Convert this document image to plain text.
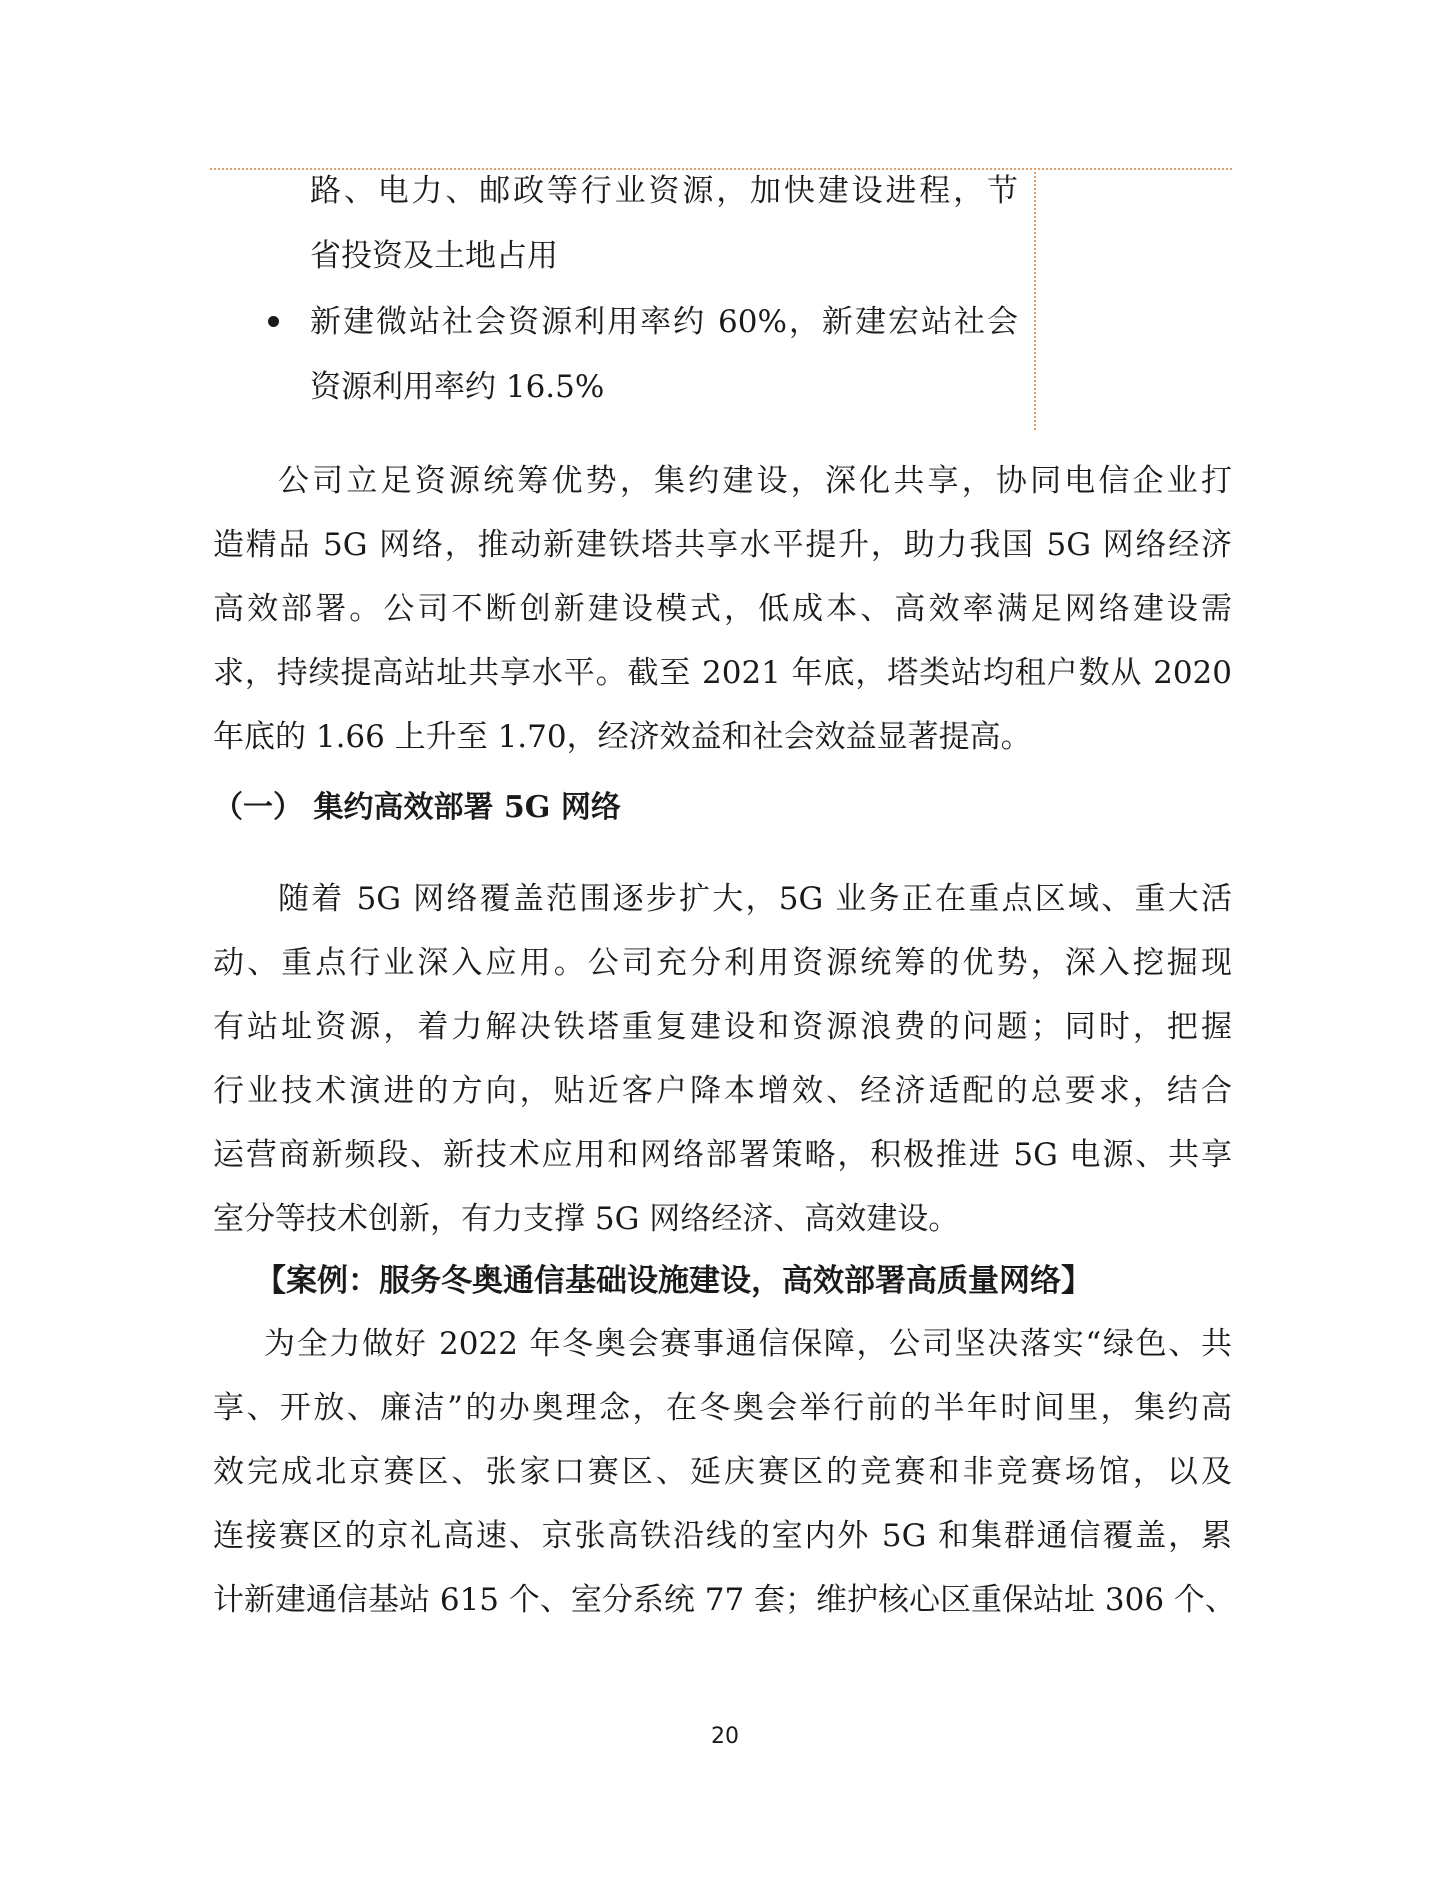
路、电力、邮政等行业资源，加快建设进程，节
省投资及土地占用
新建微站社会资源利用率约 60%，新建宏站社会
资源利用率约 16.5%
公司立足资源统筹优势，集约建设，深化共享，协同电信企业打
造精品 5G 网络，推动新建铁塔共享水平提升，助力我国 5G 网络经济
高效部署。公司不断创新建设模式，低成本、高效率满足网络建设需
求，持续提高站址共享水平。截至 2021 年底，塔类站均租户数从 2020
年底的 1.66 上升至 1.70，经济效益和社会效益显著提高。
（一） 集约高效部署 5G 网络
随着 5G 网络覆盖范围逐步扩大，5G 业务正在重点区域、重大活
动、重点行业深入应用。公司充分利用资源统筹的优势，深入挖掘现
有站址资源，着力解决铁塔重复建设和资源浪费的问题；同时，把握
行业技术演进的方向，贴近客户降本增效、经济适配的总要求，结合
运营商新频段、新技术应用和网络部署策略，积极推进 5G 电源、共享
室分等技术创新，有力支撑 5G 网络经济、高效建设。
【案例：服务冬奥通信基础设施建设，高效部署高质量网络】
为全力做好 2022 年冬奥会赛事通信保障，公司坚决落实“绿色、共
享、开放、廉洁”的办奥理念，在冬奥会举行前的半年时间里，集约高
效完成北京赛区、张家口赛区、延庆赛区的竞赛和非竞赛场馆，以及
连接赛区的京礼高速、京张高铁沿线的室内外 5G 和集群通信覆盖，累
计新建通信基站 615 个、室分系统 77 套；维护核心区重保站址 306 个、
20
